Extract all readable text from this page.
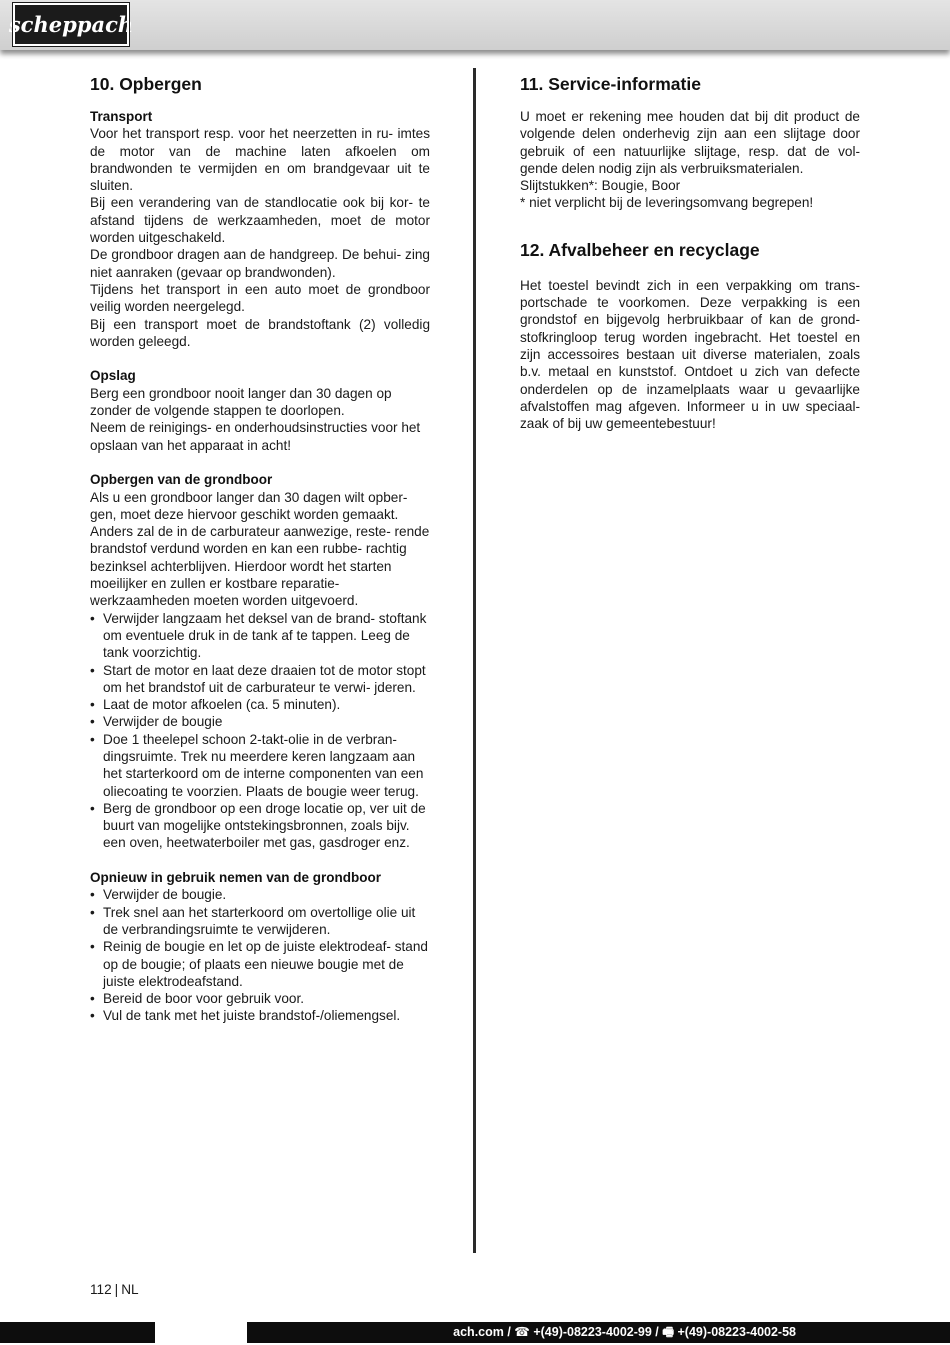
scheppach
10. Opbergen
Transport

Voor het transport resp. voor het neerzetten in ru- imtes de motor van de machine laten afkoelen om brandwonden te vermijden en om brandgevaar uit te sluiten.

Bij een verandering van de standlocatie ook bij kor- te afstand tijdens de werkzaamheden, moet de motor worden uitgeschakeld.

De grondboor dragen aan de handgreep. De behui- zing niet aanraken (gevaar op brandwonden).

Tijdens het transport in een auto moet de grondboor veilig worden neergelegd.

Bij een transport moet de brandstoftank (2) volledig worden geleegd.

Opslag

Berg een grondboor nooit langer dan 30 dagen op zonder de volgende stappen te doorlopen.

Neem de reinigings- en onderhoudsinstructies voor het opslaan van het apparaat in acht!

Opbergen van de grondboor

Als u een grondboor langer dan 30 dagen wilt opber- gen, moet deze hiervoor geschikt worden gemaakt. Anders zal de in de carburateur aanwezige, reste- rende brandstof verdund worden en kan een rubbe- rachtig bezinksel achterblijven. Hierdoor wordt het starten moeilijker en zullen er kostbare reparatie- werkzaamheden moeten worden uitgevoerd.

• Verwijder langzaam het deksel van de brand- stoftank om eventuele druk in de tank af te tappen. Leeg de tank voorzichtig.
• Start de motor en laat deze draaien tot de motor stopt om het brandstof uit de carburateur te verwi- jderen.
• Laat de motor afkoelen (ca. 5 minuten).
• Verwijder de bougie
• Doe 1 theelepel schoon 2-takt-olie in de verbran- dingsruimte. Trek nu meerdere keren langzaam aan het starterkoord om de interne componenten van een oliecoating te voorzien. Plaats de bougie weer terug.
• Berg de grondboor op een droge locatie op, ver uit de buurt van mogelijke ontstekingsbronnen, zoals bijv. een oven, heetwaterboiler met gas, gasdroger enz.
Opnieuw in gebruik nemen van de grondboor
• Verwijder de bougie.
• Trek snel aan het starterkoord om overtollige olie uit de verbrandingsruimte te verwijderen.
• Reinig de bougie en let op de juiste elektrodeaf- stand op de bougie; of plaats een nieuwe bougie met de juiste elektrodeafstand.
• Bereid de boor voor gebruik voor.
• Vul de tank met het juiste brandstof-/oliemengsel.
11. Service-informatie

U moet er rekening mee houden dat bij dit product de volgende delen onderhevig zijn aan een slijtage door gebruik of een natuurlijke slijtage, resp. dat de vol- gende delen nodig zijn als verbruiksmaterialen.

Slijtstukken*: Bougie, Boor

* niet verplicht bij de leveringsomvang begrepen!

12. Afvalbeheer en recyclage

Het toestel bevindt zich in een verpakking om trans- portschade te voorkomen. Deze verpakking is een grondstof en bijgevolg herbruikbaar of kan de grond- stofkringloop terug worden ingebracht. Het toestel en zijn accessoires bestaan uit diverse materialen, zoals b.v. metaal en kunststof. Ontdoet u zich van defecte onderdelen op de inzamelplaats waar u gevaarlijke afvalstoffen mag afgeven. Informeer u in uw speciaal- zaak of bij uw gemeentebestuur!

112 | NL
ach.com / ☎ +(49)-08223-4002-99 / 🖷 +(49)-08223-4002-58
